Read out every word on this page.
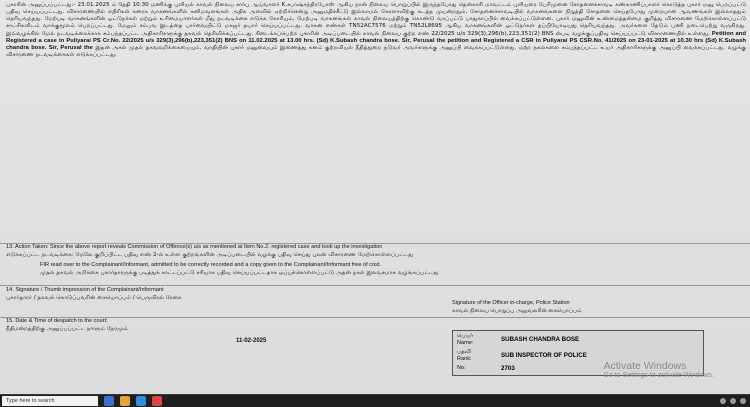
புகாரின் அனுப்பப்பட்டது:- 23.01.2025 ம் தேதி 10.30 மணிக்கு புளியல் காவல் நிலைய சார்பு ஆய்வாளர் K.சபாஷ்சந்திரபோஸ் ஆகிய நான் நிலைய பொறுப்பில் இருந்தபோது தென்காசி மாவட்டம் புளியரை பேரிமுனை சோதனைச்சாவடி கண்காணிப்பாளர் கொடுத்த புகார் மனு பெறப்பட்டு பதிவு செய்யப்பட்டது. விசாரணையில் எதிரிகள் கனரக வாகனங்களில் கனிமவளங்கள் அதிக அளவில் ஏற்றிச்சென்று அனுமதிச்சீட்டு இல்லாமல் கேரளாவிற்கு கடத்த முயன்றதும், சோதனைச்சாவடியில் வாகனங்களை நிறுத்தி சோதனை செய்தபோது முறையான ஆவணங்கள் இல்லாததும் தெரியவந்தது. மேற்படி வாகனங்களின் ஓட்டுநர்கள் மற்றும் உரிமையாளர்கள் மீது நடவடிக்கை எடுக்க கோரியும், மேற்படி வாகனங்கள் காவல் நிலையத்திற்கு கொண்டு வரப்பட்டு பாதுகாப்பில் வைக்கப்பட்டுள்ளன. புகார் மனுவின் உண்மைத்தன்மை குறித்து விசாரணை மேற்கொள்ளப்பட்டு சாட்சிகளிடம் வாக்குமூலம் பெறப்பட்டது. மேலும் சம்பவ இடத்தை பார்வையிட்டு மகஜர் தயார் செய்யப்பட்டது. வாகன எண்கள் TN52AC7576 மற்றும் TN52L8695 ஆகிய வாகனங்களின் ஓட்டுநர்கள் தப்பியோடியது தெரியவந்தது. அவர்களை தேடும் பணி நடைபெற்று வருகிறது. இவ்வழக்கில் மேல் நடவடிக்கைக்காக சம்பந்தப்பட்ட அதிகாரிகளுக்கு தகவல் தெரிவிக்கப்பட்டது. கிடைக்கப்பெற்ற புகாரின் அடிப்படையில் காவல் நிலைய குற்ற எண் 22/2025 u/s 329(3),296(b),223,351(2) BNS ன்படி வழக்குப்பதிவு செய்யப்பட்டு விசாரணையில் உள்ளது. Petition and Registered a case in Puliyarai PS Cr.No. 22/2025 u/s 329(3),296(b),223,351(2) BNS on 11.02.2025 at 13.00 hrs. (Sd) K.Subash chandra bose. Sir, Perusal the petition and Registered a CSR in Puliyarai PS CSR.No. 41/2025 on 23-01-2025 at 10.30 hrs (Sd) K.Subash chandra bose. Sir, Perusal the இதன் அசல் முதல் தகவலறிக்கையையும், வாதியின் புகார் மனுவையும் இணைத்து கனம் குற்றவியல் நீதித்துறை நடுவர் அவர்களுக்கு அனுப்பி வைக்கப்பட்டுள்ளது. மற்ற நகல்களை சம்பந்தப்பட்ட உயர் அதிகாரிகளுக்கு அனுப்பி வைக்கப்பட்டது. வழக்கு விசாரணை நடவடிக்கைகள் எடுக்கப்பட்டது.

13. Action Taken: Since the above report reveals Commission of Offence(s) u/s as mentioned at Item No.2. registered case and took up the investigation
எடுக்கப்பட்ட நடவடிக்கை: மேலே குறிப்பிட்ட பதிவு எண் 2-ல் உள்ள குற்றங்களின் அடிப்படையில் வழக்கு பதிவு செய்து புலன் விசாரணை மேற்கொள்ளப்பட்டது
FIR read over to the Complainant/Informant, admitted to be correctly recorded and a copy given to the Complainant/Informant free of cost.
முதல் தகவல் அறிக்கை புகார்தாரருக்கு படித்துக் காட்டப்பட்டு சரியாக பதிவு செய்யப்பட்டதாக ஒப்புக்கொள்ளப்பட்டு அதன் நகல் இலவசமாக வழங்கப்பட்டது
14. Signature / Thumb impression of the Complainant/Informant
புகார்தாரர் / தகவல் கொடுப்பவரின் கையொப்பம் / பெருவிரல் ரேகை
Signature of the Officer in-charge, Police Station
காவல் நிலைய பொறுப்பு அலுவலரின் கையொப்பம்
15. Date & Time of despatch to the court:
நீதிமன்றத்திற்கு அனுப்பப்பட்ட நாளும் நேரமும்
11-02-2025
பெயர்
Name:	SUBASH CHANDRA BOSE
பதவி
Rank:	SUB INSPECTOR OF POLICE
No:	2703	Activate Windows
Go to Settings to activate Windows.
Type here to search
